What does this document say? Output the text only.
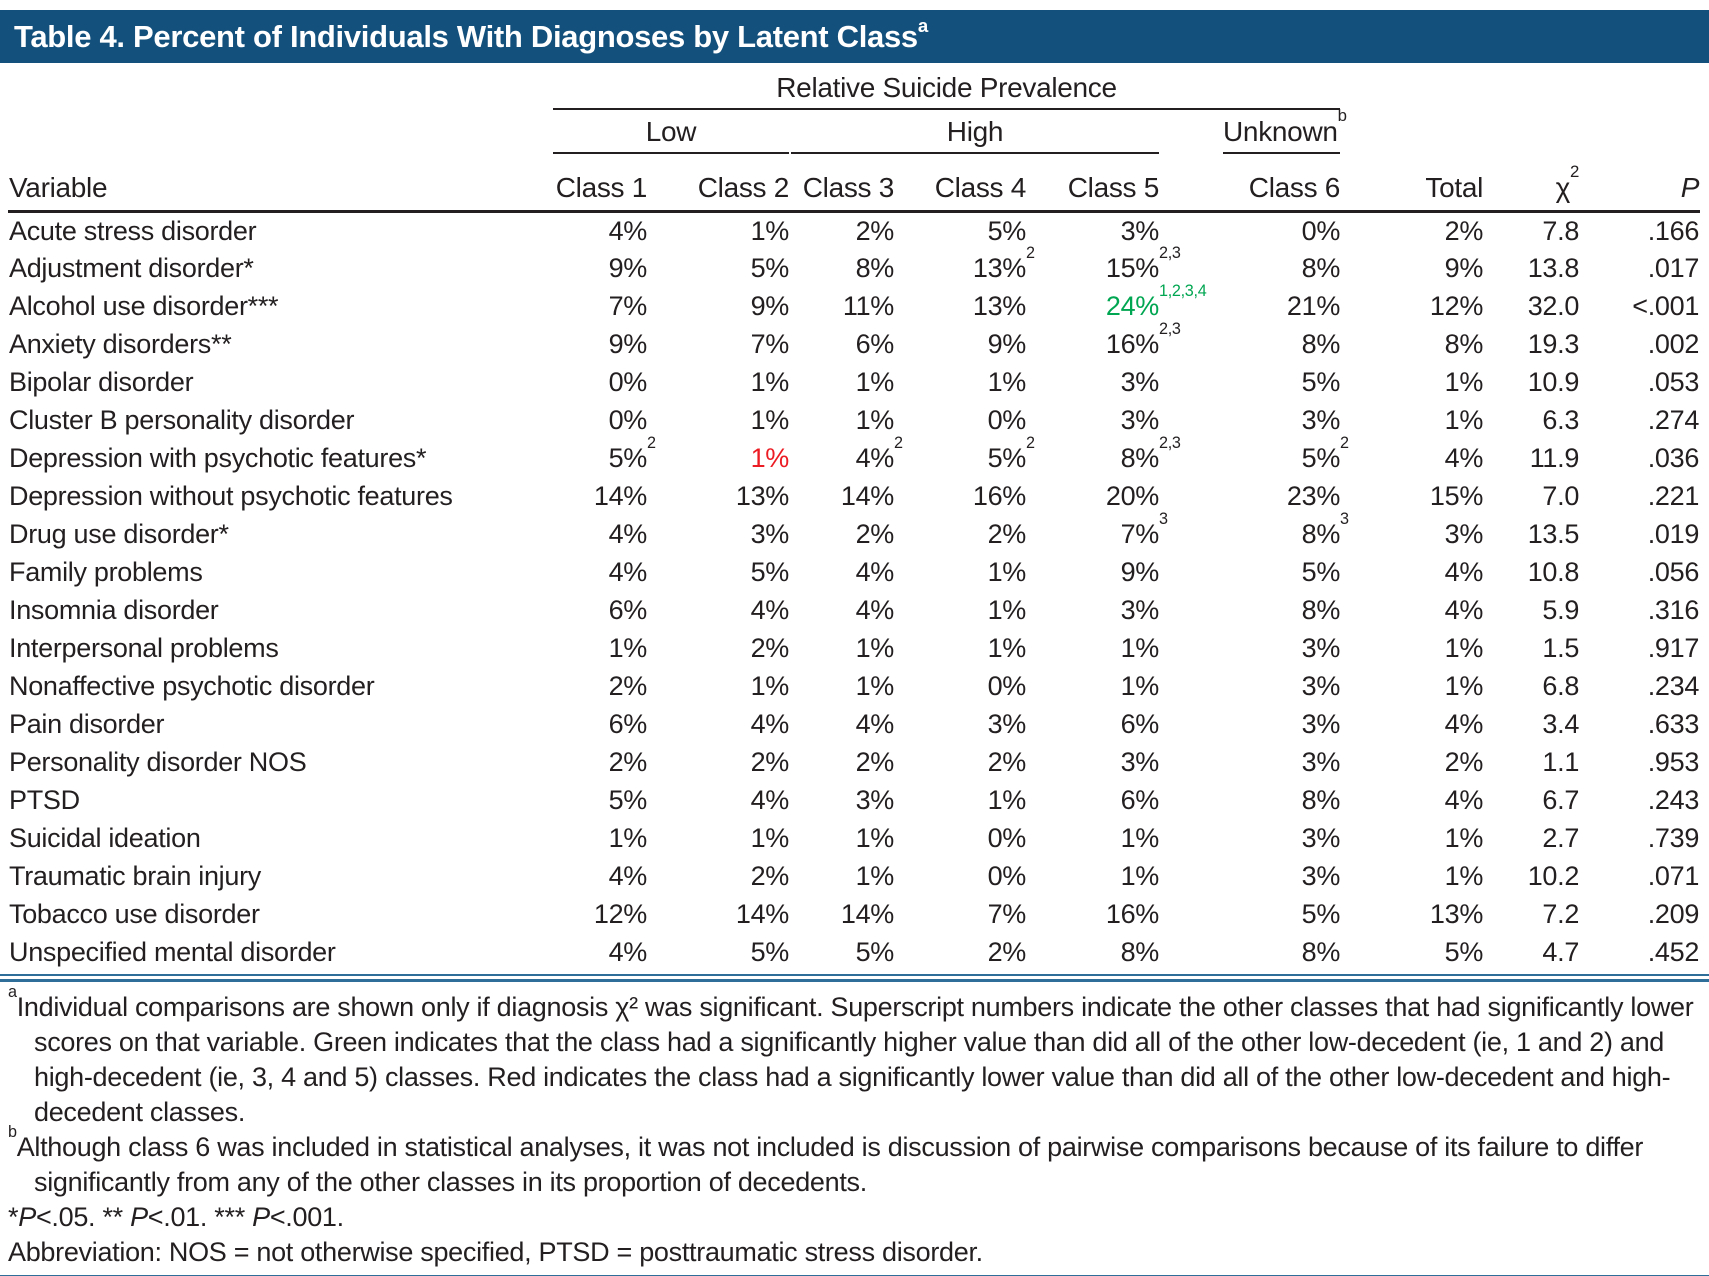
Table 4. Percent of Individuals With Diagnoses by Latent Class$^a$

	Relative Suicide Prevalence								

	Low		High			Unknown$^b$

Variable	Class 1	Class 2	Class 3	Class 4	Class 5	Class 6	Total	$\chi^2$	P
Acute stress disorder	4%	1%	2%	5%	3%	0%	2%	7.8	.166
Adjustment disorder*	9%	5%	8%	13%$^2$	15%$^{2,3}$	8%	9%	13.8	.017
Alcohol use disorder***	7%	9%	11%	13%	24%$^{1,2,3,4}$	21%	12%	32.0	<.001
Anxiety disorders**	9%	7%	6%	9%	16%$^{2,3}$	8%	8%	19.3	.002
Bipolar disorder	0%	1%	1%	1%	3%	5%	1%	10.9	.053
Cluster B personality disorder	0%	1%	1%	0%	3%	3%	1%	6.3	.274
Depression with psychotic features*	5%$^2$	1%	4%$^2$	5%$^2$	8%$^{2,3}$	5%$^2$	4%	11.9	.036
Depression without psychotic features	14%	13%	14%	16%	20%	23%	15%	7.0	.221
Drug use disorder*	4%	3%	2%	2%	7%$^3$	8%$^3$	3%	13.5	.019
Family problems	4%	5%	4%	1%	9%	5%	4%	10.8	.056
Insomnia disorder	6%	4%	4%	1%	3%	8%	4%	5.9	.316
Interpersonal problems	1%	2%	1%	1%	1%	3%	1%	1.5	.917
Nonaffective psychotic disorder	2%	1%	1%	0%	1%	3%	1%	6.8	.234
Pain disorder	6%	4%	4%	3%	6%	3%	4%	3.4	.633
Personality disorder NOS	2%	2%	2%	2%	3%	3%	2%	1.1	.953
PTSD	5%	4%	3%	1%	6%	8%	4%	6.7	.243
Suicidal ideation	1%	1%	1%	0%	1%	3%	1%	2.7	.739
Traumatic brain injury	4%	2%	1%	0%	1%	3%	1%	10.2	.071
Tobacco use disorder	12%	14%	14%	7%	16%	5%	13%	7.2	.209
Unspecified mental disorder	4%	5%	5%	2%	8%	8%	5%	4.7	.452

$^a$Individual comparisons are shown only if diagnosis χ² was significant. Superscript numbers indicate the other classes that had significantly lower scores on that variable. Green indicates that the class had a significantly higher value than did all of the other low-decedent (ie, 1 and 2) and high-decedent (ie, 3, 4 and 5) classes. Red indicates the class had a significantly lower value than did all of the other low-decedent and high-decedent classes.

$^b$Although class 6 was included in statistical analyses, it was not included is discussion of pairwise comparisons because of its failure to differ significantly from any of the other classes in its proportion of decedents.

*P<.05. ** P<.01. *** P<.001.

Abbreviation: NOS = not otherwise specified, PTSD = posttraumatic stress disorder.
